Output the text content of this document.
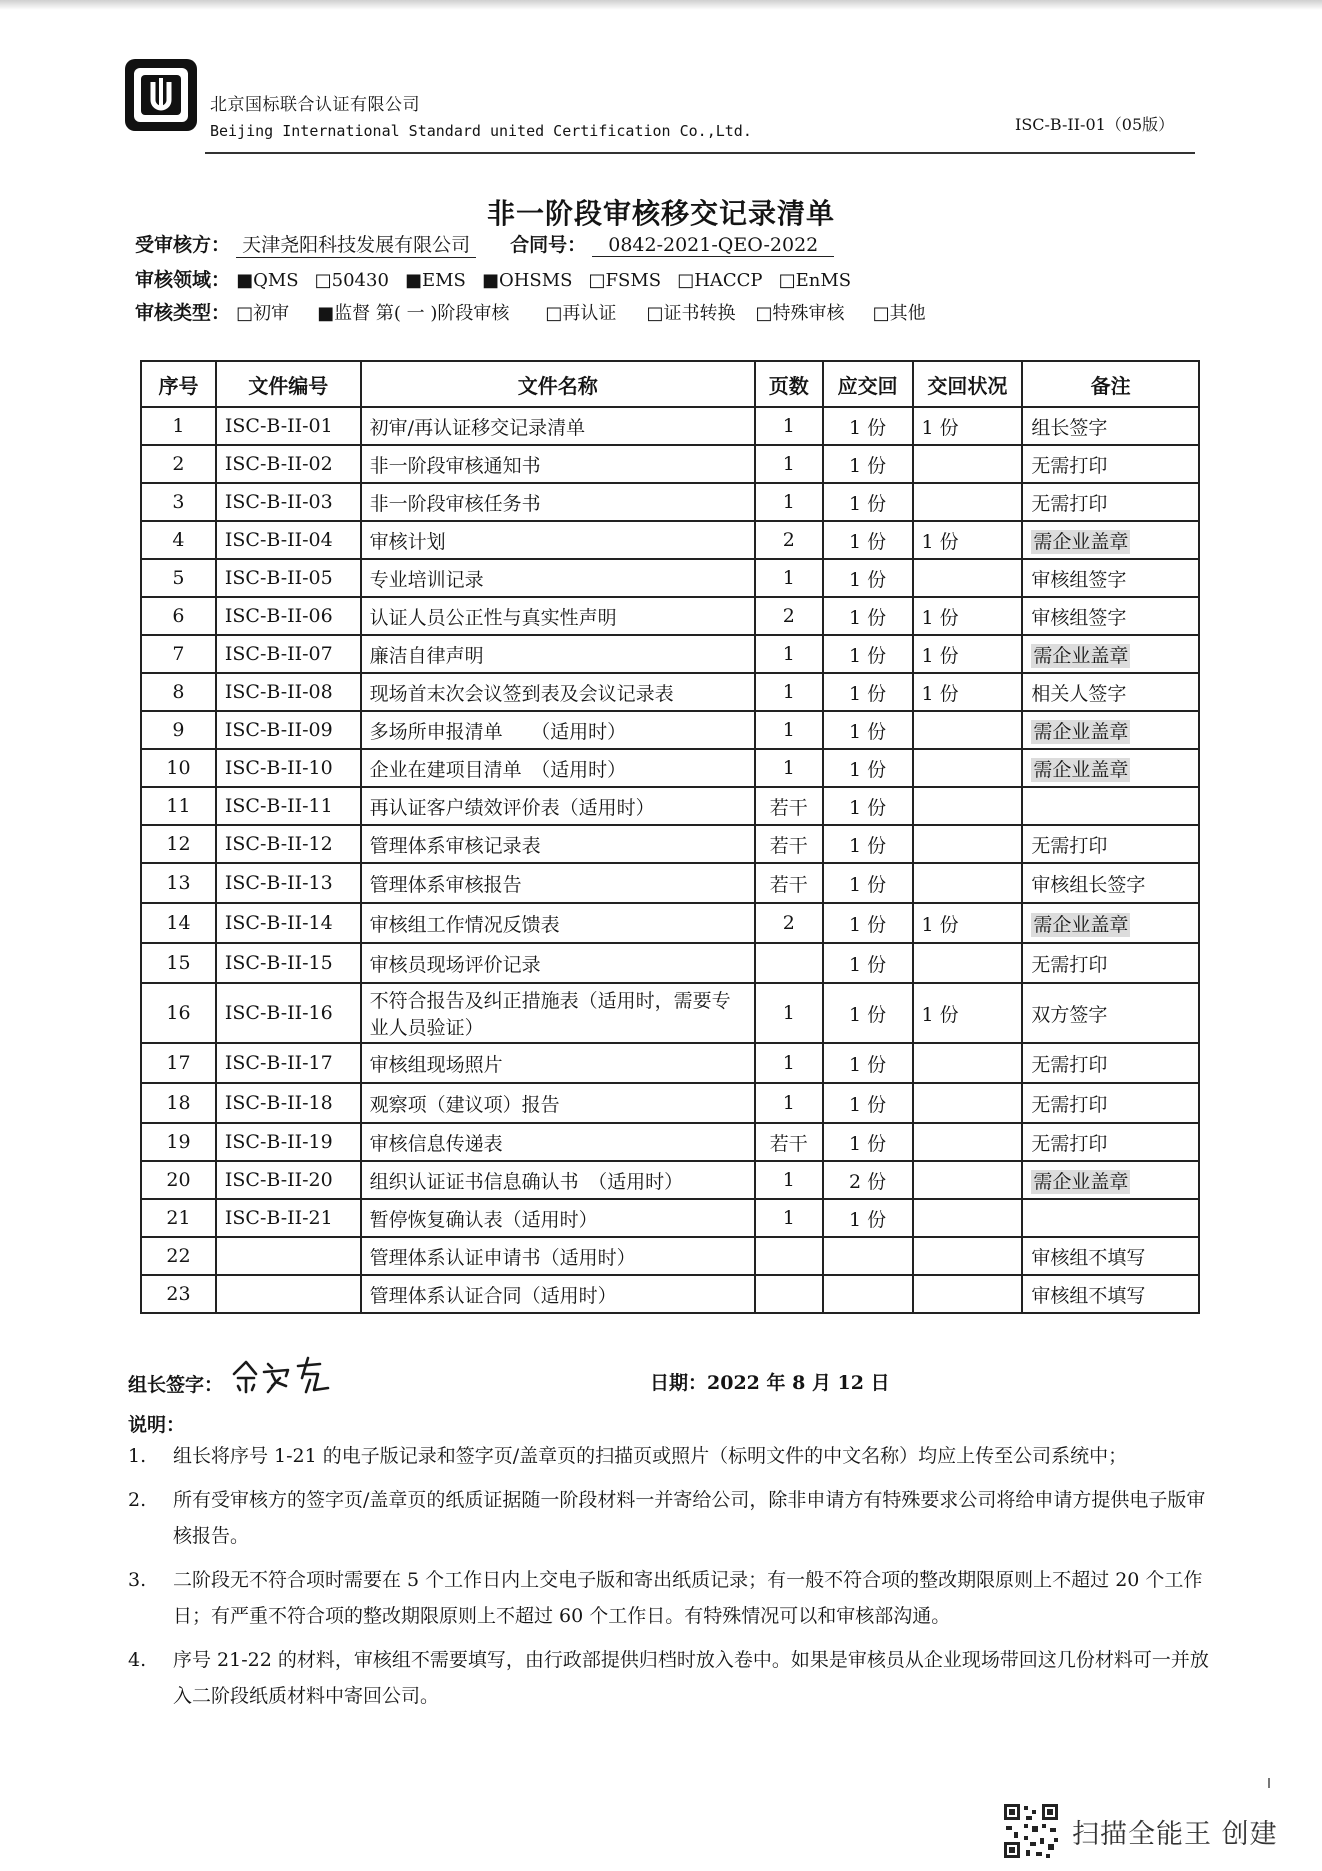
北京国标联合认证有限公司
Beijing International Standard united Certification Co.,Ltd.	ISC-B-II-01（05版）
非一阶段审核移交记录清单
受审核方： 天津尧阳科技发展有限公司 合同号： 0842-2021-QEO-2022
审核领域： ■QMS □50430 ■EMS ■OHSMS □FSMS □HACCP □EnMS
审核类型： □初审 ■监督 第( 一 )阶段审核 □再认证 □证书转换 □特殊审核 □其他
序号	文件编号	文件名称	页数	应交回	交回状况	备注
1	ISC-B-II-01	初审/再认证移交记录清单	1	1 份	1 份	组长签字
2	ISC-B-II-02	非一阶段审核通知书	1	1 份		无需打印
3	ISC-B-II-03	非一阶段审核任务书	1	1 份		无需打印
4	ISC-B-II-04	审核计划	2	1 份	1 份	需企业盖章
5	ISC-B-II-05	专业培训记录	1	1 份		审核组签字
6	ISC-B-II-06	认证人员公正性与真实性声明	2	1 份	1 份	审核组签字
7	ISC-B-II-07	廉洁自律声明	1	1 份	1 份	需企业盖章
8	ISC-B-II-08	现场首末次会议签到表及会议记录表	1	1 份	1 份	相关人签字
9	ISC-B-II-09	多场所申报清单　　（适用时）	1	1 份		需企业盖章
10	ISC-B-II-10	企业在建项目清单　（适用时）	1	1 份		需企业盖章
11	ISC-B-II-11	再认证客户绩效评价表（适用时）	若干	1 份		
12	ISC-B-II-12	管理体系审核记录表	若干	1 份		无需打印
13	ISC-B-II-13	管理体系审核报告	若干	1 份		审核组长签字
14	ISC-B-II-14	审核组工作情况反馈表	2	1 份	1 份	需企业盖章
15	ISC-B-II-15	审核员现场评价记录		1 份		无需打印
16	ISC-B-II-16	不符合报告及纠正措施表（适用时，需要专业人员验证）	1	1 份	1 份	双方签字
17	ISC-B-II-17	审核组现场照片	1	1 份		无需打印
18	ISC-B-II-18	观察项（建议项）报告	1	1 份		无需打印
19	ISC-B-II-19	审核信息传递表	若干	1 份		无需打印
20	ISC-B-II-20	组织认证证书信息确认书　（适用时）	1	2 份		需企业盖章
21	ISC-B-II-21	暂停恢复确认表（适用时）	1	1 份		
22		管理体系认证申请书（适用时）				审核组不填写
23		管理体系认证合同（适用时）				审核组不填写
组长签字：	日期：2022 年 8 月 12 日
说明：
1.	组长将序号 1-21 的电子版记录和签字页/盖章页的扫描页或照片（标明文件的中文名称）均应上传至公司系统中；
2.	所有受审核方的签字页/盖章页的纸质证据随一阶段材料一并寄给公司，除非申请方有特殊要求公司将给申请方提供电子版审核报告。
3.	二阶段无不符合项时需要在 5 个工作日内上交电子版和寄出纸质记录；有一般不符合项的整改期限原则上不超过 20 个工作日；有严重不符合项的整改期限原则上不超过 60 个工作日。有特殊情况可以和审核部沟通。
4.	序号 21-22 的材料，审核组不需要填写，由行政部提供归档时放入卷中。如果是审核员从企业现场带回这几份材料可一并放入二阶段纸质材料中寄回公司。
扫描全能王 创建
